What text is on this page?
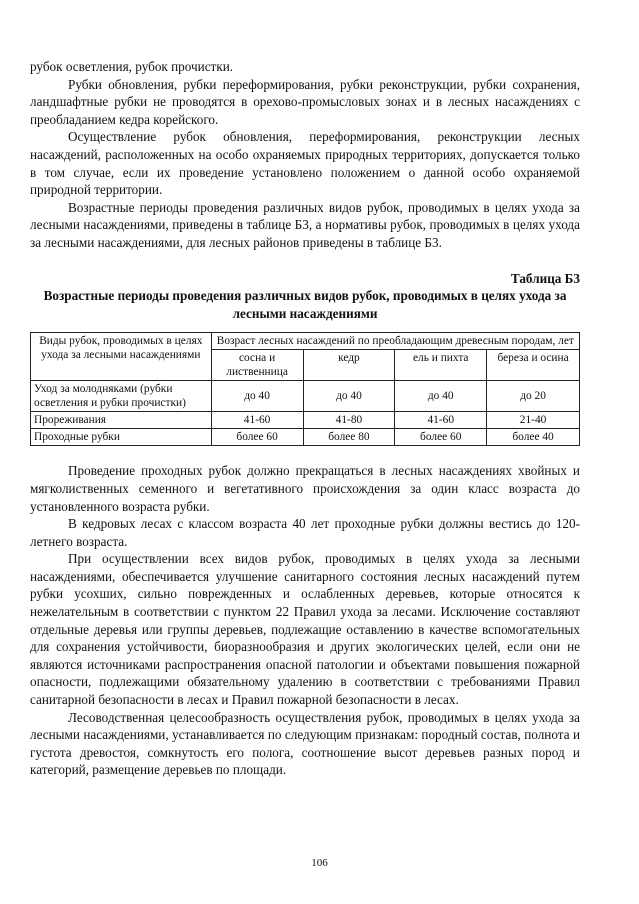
рубок осветления, рубок прочистки.

Рубки обновления, рубки переформирования, рубки реконструкции, рубки сохранения, ландшафтные рубки не проводятся в орехово-промысловых зонах и в лесных насаждениях с преобладанием кедра корейского.

Осуществление рубок обновления, переформирования, реконструкции лесных насаждений, расположенных на особо охраняемых природных территориях, допускается только в том случае, если их проведение установлено положением о данной особо охраняемой природной территории.

Возрастные периоды проведения различных видов рубок, проводимых в целях ухода за лесными насаждениями, приведены в таблице Б3, а нормативы рубок, проводимых в целях ухода за лесными насаждениями, для лесных районов приведены в таблице Б3.

Таблица Б3
Возрастные периоды проведения различных видов рубок, проводимых в целях ухода за лесными насаждениями
Виды рубок, проводимых в целях ухода за лесными насаждениями	Возраст лесных насаждений по преобладающим древесным породам, лет			
	сосна и лиственница	кедр	ель и пихта	береза и осина
Уход за молодняками (рубки осветления и рубки прочистки)	до 40	до 40	до 40	до 20
Прореживания	41-60	41-80	41-60	21-40
Проходные рубки	более 60	более 80	более 60	более 40

Проведение проходных рубок должно прекращаться в лесных насаждениях хвойных и мягколиственных семенного и вегетативного происхождения за один класс возраста до установленного возраста рубки.

В кедровых лесах с классом возраста 40 лет проходные рубки должны вестись до 120-летнего возраста.

При осуществлении всех видов рубок, проводимых в целях ухода за лесными насаждениями, обеспечивается улучшение санитарного состояния лесных насаждений путем рубки усохших, сильно поврежденных и ослабленных деревьев, которые относятся к нежелательным в соответствии с пунктом 22 Правил ухода за лесами. Исключение составляют отдельные деревья или группы деревьев, подлежащие оставлению в качестве вспомогательных для сохранения устойчивости, биоразнообразия и других экологических целей, если они не являются источниками распространения опасной патологии и объектами повышения пожарной опасности, подлежащими обязательному удалению в соответствии с требованиями Правил санитарной безопасности в лесах и Правил пожарной безопасности в лесах.

Лесоводственная целесообразность осуществления рубок, проводимых в целях ухода за лесными насаждениями, устанавливается по следующим признакам: породный состав, полнота и густота древостоя, сомкнутость его полога, соотношение высот деревьев разных пород и категорий, размещение деревьев по площади.

106
